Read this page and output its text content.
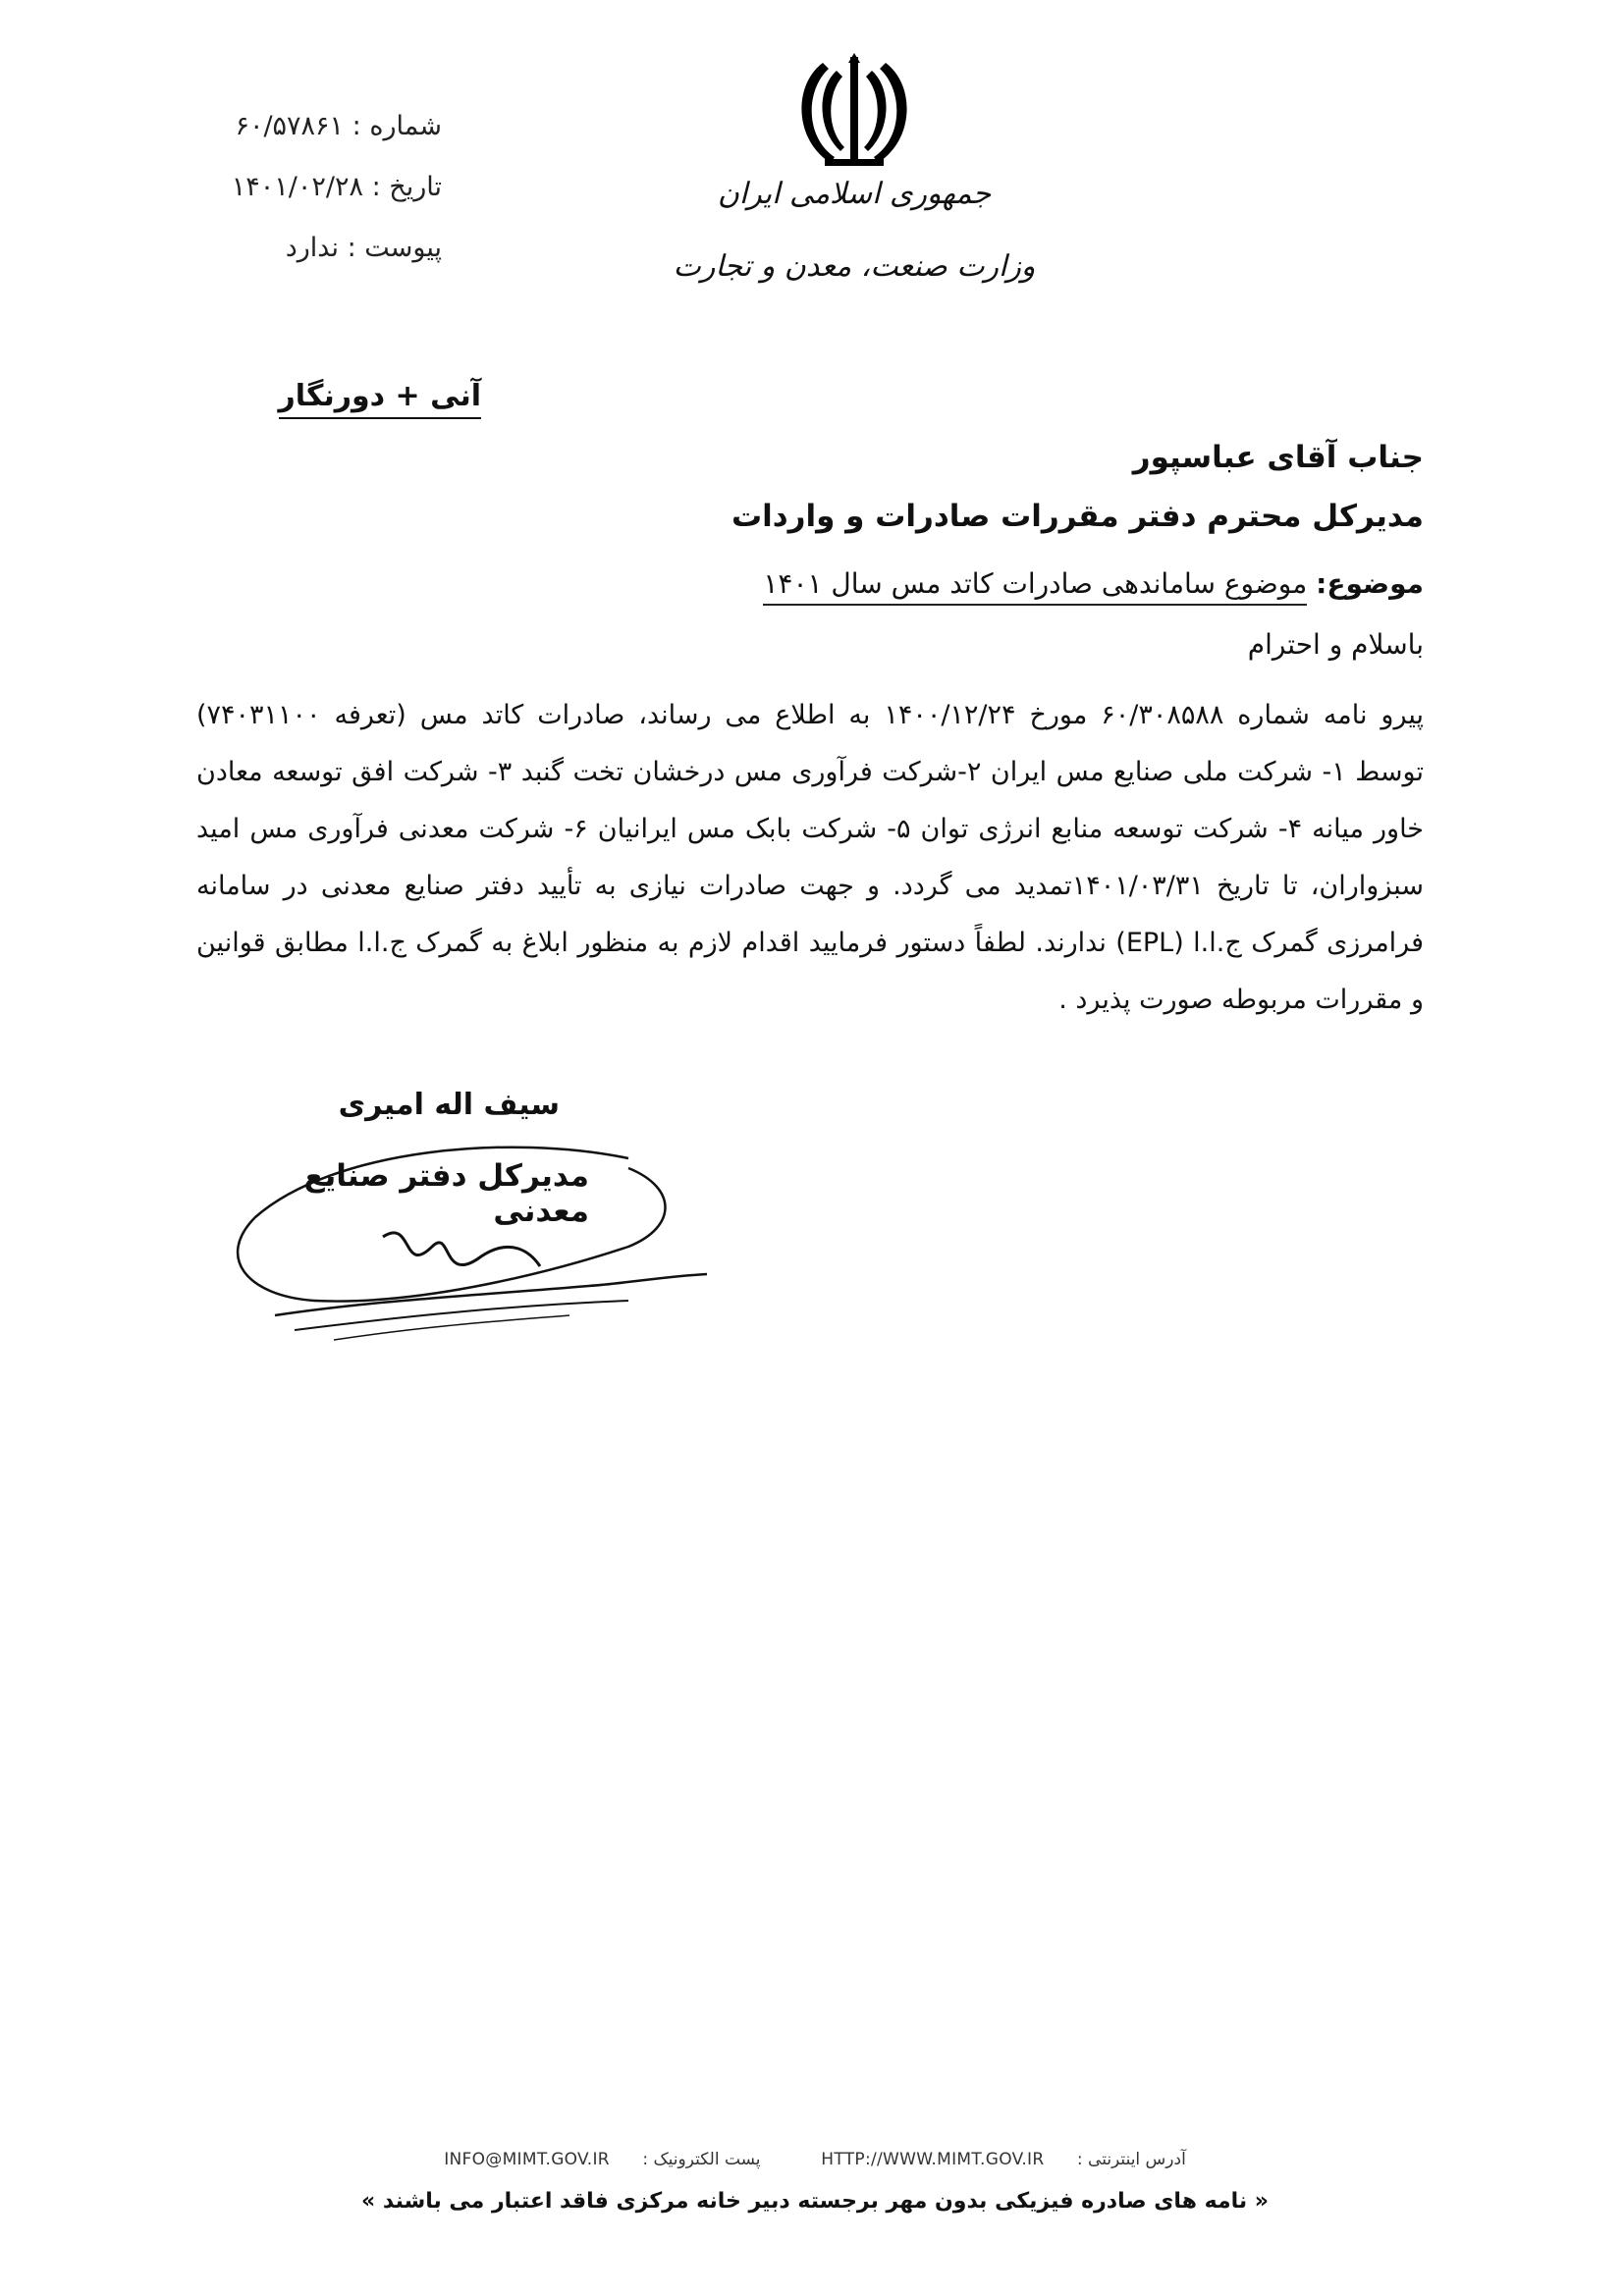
شماره : ۶۰/۵۷۸۶۱
تاریخ : ۱۴۰۱/۰۲/۲۸
پیوست : ندارد
جمهوری اسلامی ایران
وزارت صنعت، معدن و تجارت
آنی + دورنگار
جناب آقای عباسپور
مدیرکل محترم دفتر مقررات صادرات و واردات
موضوع: موضوع ساماندهی صادرات کاتد مس سال ۱۴۰۱
باسلام و احترام
پیرو نامه شماره ۶۰/۳۰۸۵۸۸ مورخ ۱۴۰۰/۱۲/۲۴ به اطلاع می رساند، صادرات کاتد مس (تعرفه ۷۴۰۳۱۱۰۰) توسط ۱- شرکت ملی صنایع مس ایران ۲-شرکت فرآوری مس درخشان تخت گنبد ۳- شرکت افق توسعه معادن خاور میانه ۴- شرکت توسعه منابع انرژی توان ۵- شرکت بابک مس ایرانیان ۶- شرکت معدنی فرآوری مس امید سبزواران، تا تاریخ ۱۴۰۱/۰۳/۳۱تمدید می گردد. و جهت صادرات نیازی به تأیید دفتر صنایع معدنی در سامانه فرامرزی گمرک ج.ا.ا (EPL) ندارند. لطفاً دستور فرمایید اقدام لازم به منظور ابلاغ به گمرک ج.ا.ا مطابق قوانین و مقررات مربوطه صورت پذیرد .
سیف اله امیری
مدیرکل دفتر صنایع معدنی
آدرس اینترنتی : HTTP://WWW.MIMT.GOV.IR پست الکترونیک : INFO@MIMT.GOV.IR
« نامه های صادره فیزیکی بدون مهر برجسته دبیر خانه مرکزی فاقد اعتبار می باشند »
